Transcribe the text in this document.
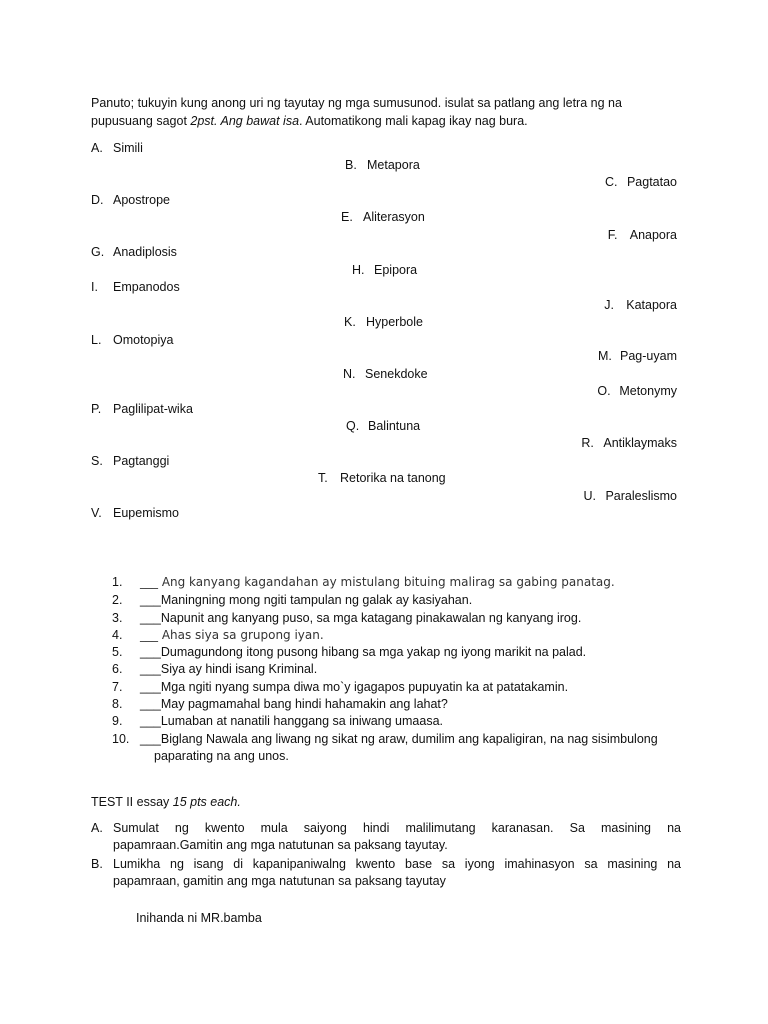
Panuto; tukuyin kung anong uri ng tayutay ng mga sumusunod. isulat sa patlang ang letra ng na
pupusuang sagot 2pst. Ang bawat isa. Automatikong mali kapag ikay nag bura.
A. Simili
B. Metapora
C. Pagtatao
D. Apostrope
E. Aliterasyon
F. Anapora
G. Anadiplosis
H. Epipora
I. Empanodos
J. Katapora
K. Hyperbole
L. Omotopiya
M. Pag-uyam
N. Senekdoke
O. Metonymy
P. Paglilipat-wika
Q. Balintuna
R. Antiklaymaks
S. Pagtanggi
T. Retorika na tanong
U. Paraleslismo
V. Eupemismo
1.	___ Ang kanyang kagandahan ay mistulang bituing malirag sa gabing panatag.
2.	___Maningning mong ngiti tampulan ng galak ay kasiyahan.
3.	___Napunit ang kanyang puso, sa mga katagang pinakawalan ng kanyang irog.
4.	___ Ahas siya sa grupong iyan.
5.	___Dumagundong itong pusong hibang sa mga yakap ng iyong marikit na palad.
6.	___Siya ay hindi isang Kriminal.
7.	___Mga ngiti nyang sumpa diwa mo`y igagapos pupuyatin ka at patatakamin.
8.	___May pagmamahal bang hindi hahamakin ang lahat?
9.	___Lumaban at nanatili hanggang sa iniwang umaasa.
10. ___Biglang Nawala ang liwang ng sikat ng araw, dumilim ang kapaligiran, na nag sisimbulong
paparating na ang unos.
TEST II essay 15 pts each.
A. Sumulat ng kwento mula saiyong hindi malilimutang karanasan. Sa masining na
papamraan.Gamitin ang mga natutunan sa paksang tayutay.
B. Lumikha ng isang di kapanipaniwalng kwento base sa iyong imahinasyon sa masining na
papamraan, gamitin ang mga natutunan sa paksang tayutay
Inihanda ni MR.bamba
